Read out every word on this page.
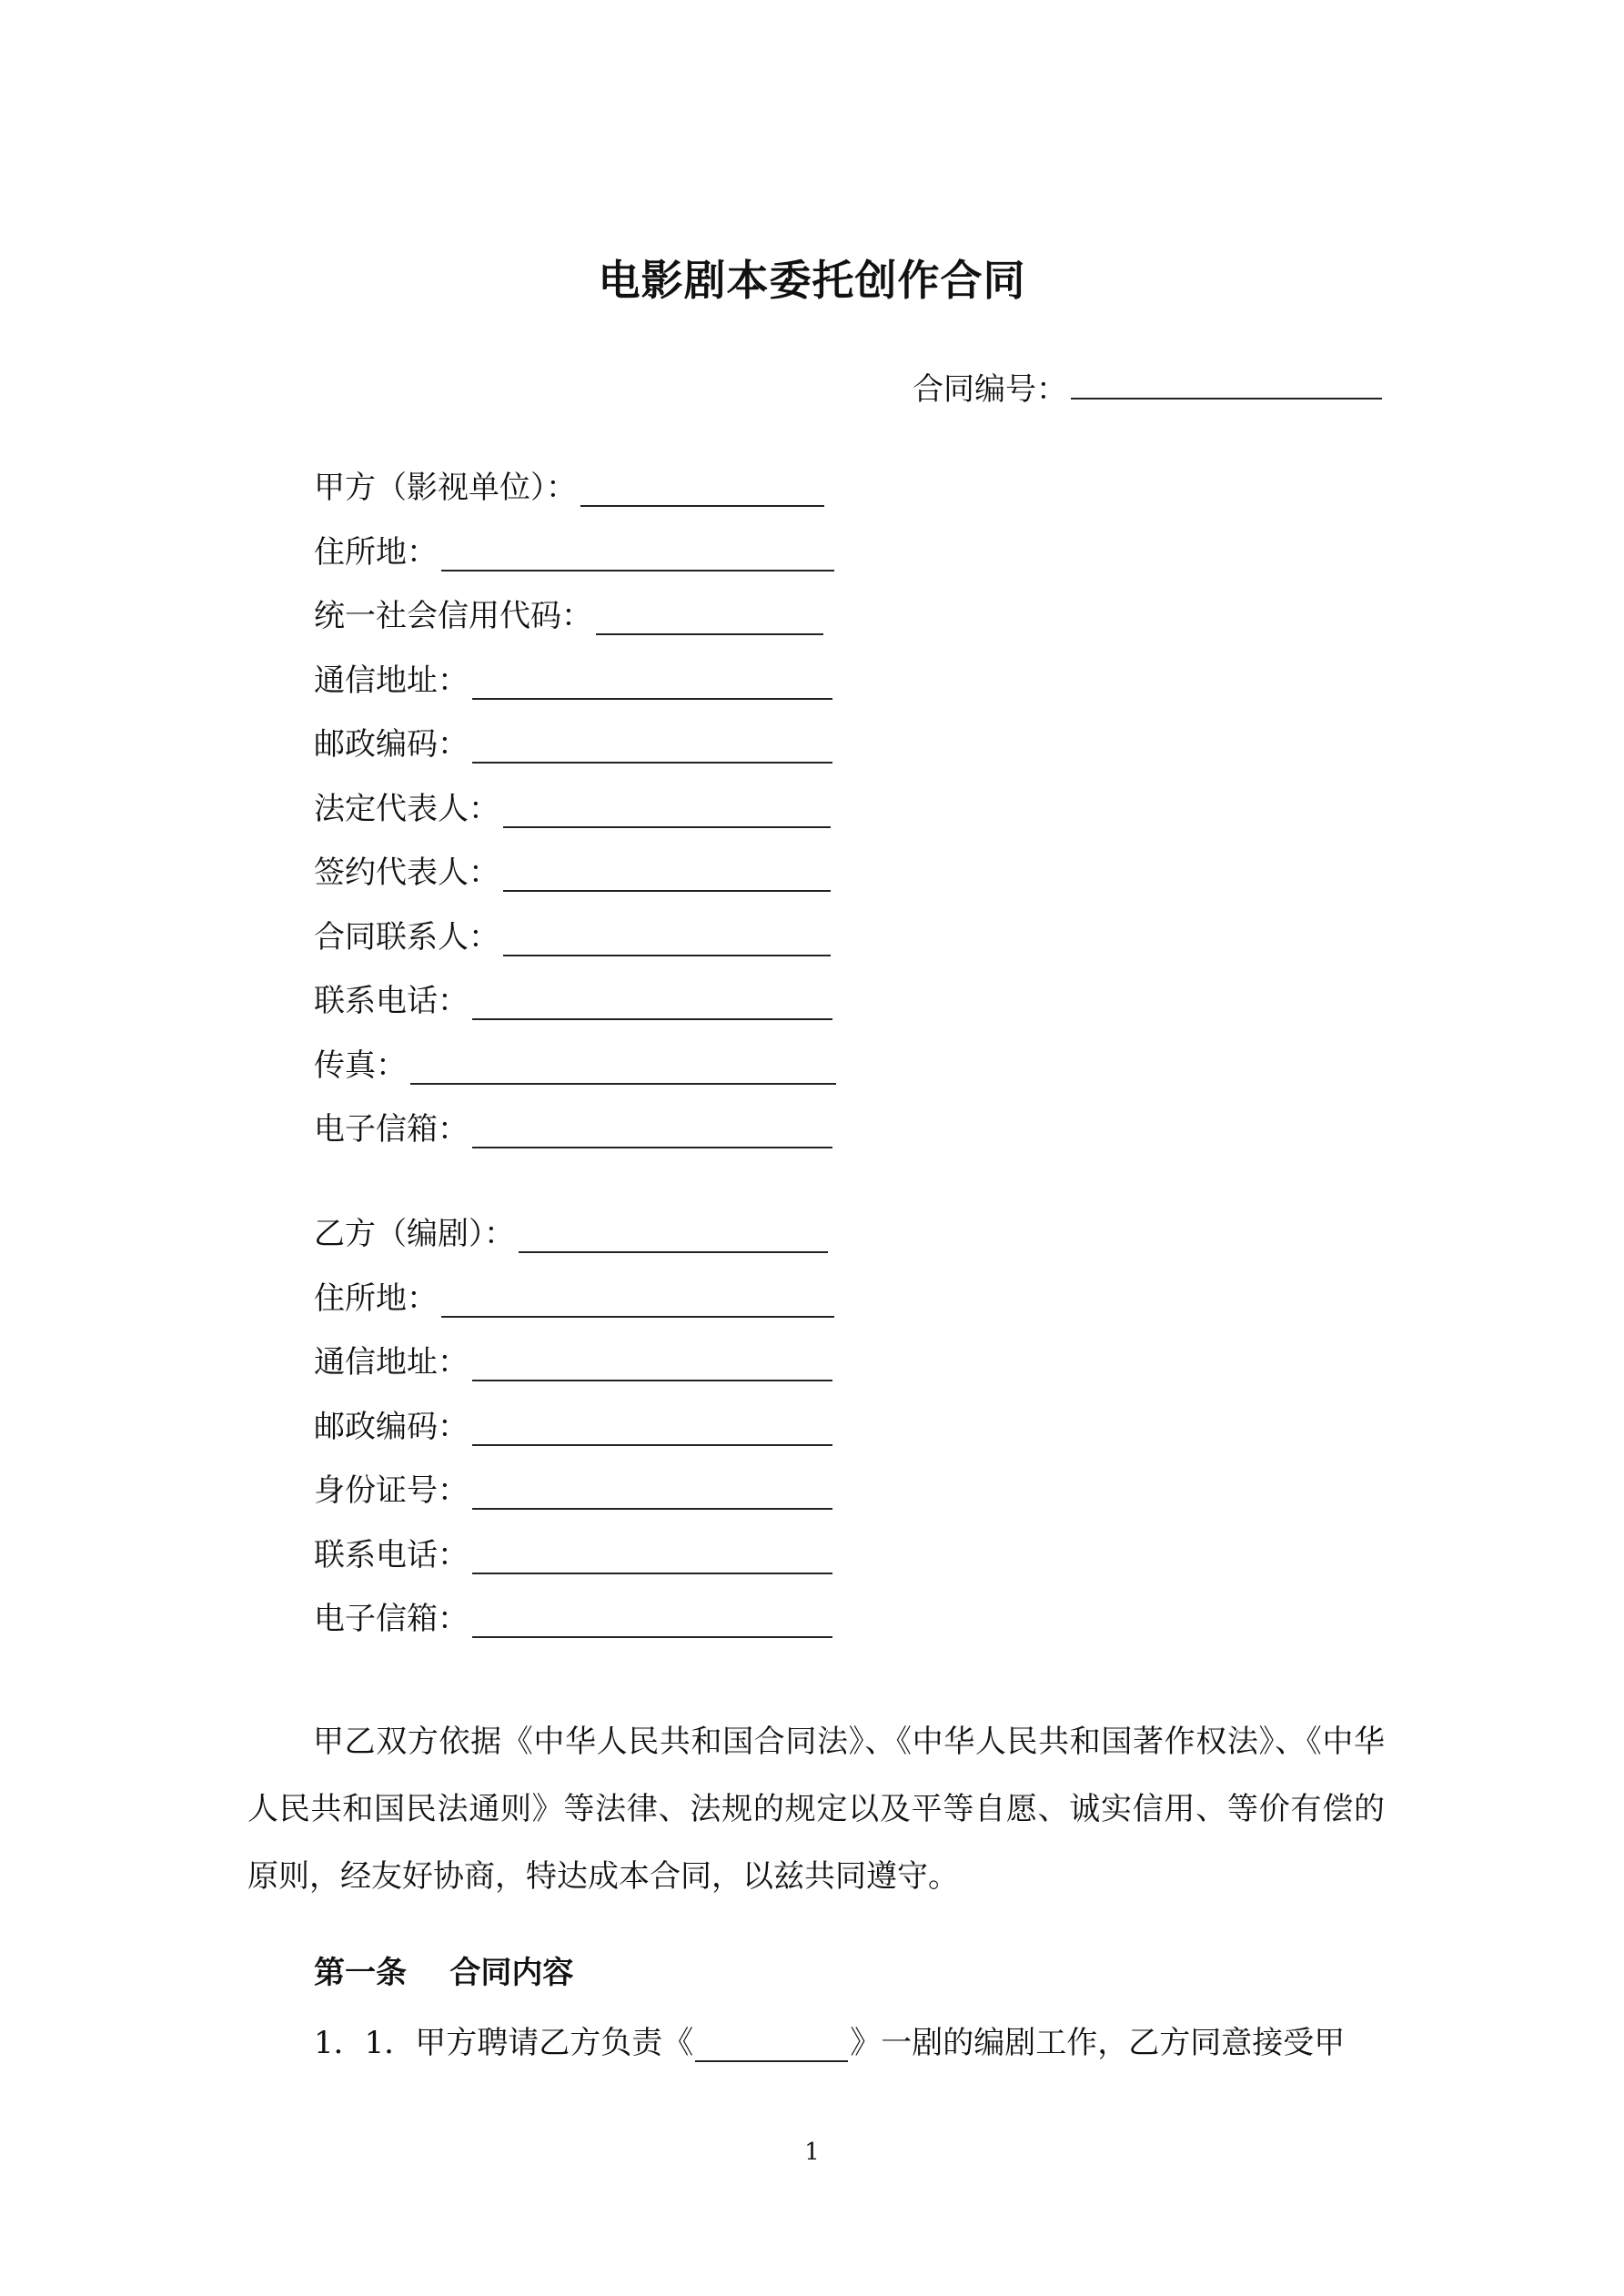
电影剧本委托创作合同
合同编号：
甲方（影视单位）：
住所地：
统一社会信用代码：
通信地址：
邮政编码：
法定代表人：
签约代表人：
合同联系人：
联系电话：
传真：
电子信箱：
乙方（编剧）：
住所地：
通信地址：
邮政编码：
身份证号：
联系电话：
电子信箱：
甲乙双方依据《中华人民共和国合同法》、《中华人民共和国著作权法》、《中华人民共和国民法通则》等法律、法规的规定以及平等自愿、诚实信用、等价有偿的原则，经友好协商，特达成本合同，以兹共同遵守。
第一条    合同内容
1．1．甲方聘请乙方负责《	》一剧的编剧工作，乙方同意接受甲
1
